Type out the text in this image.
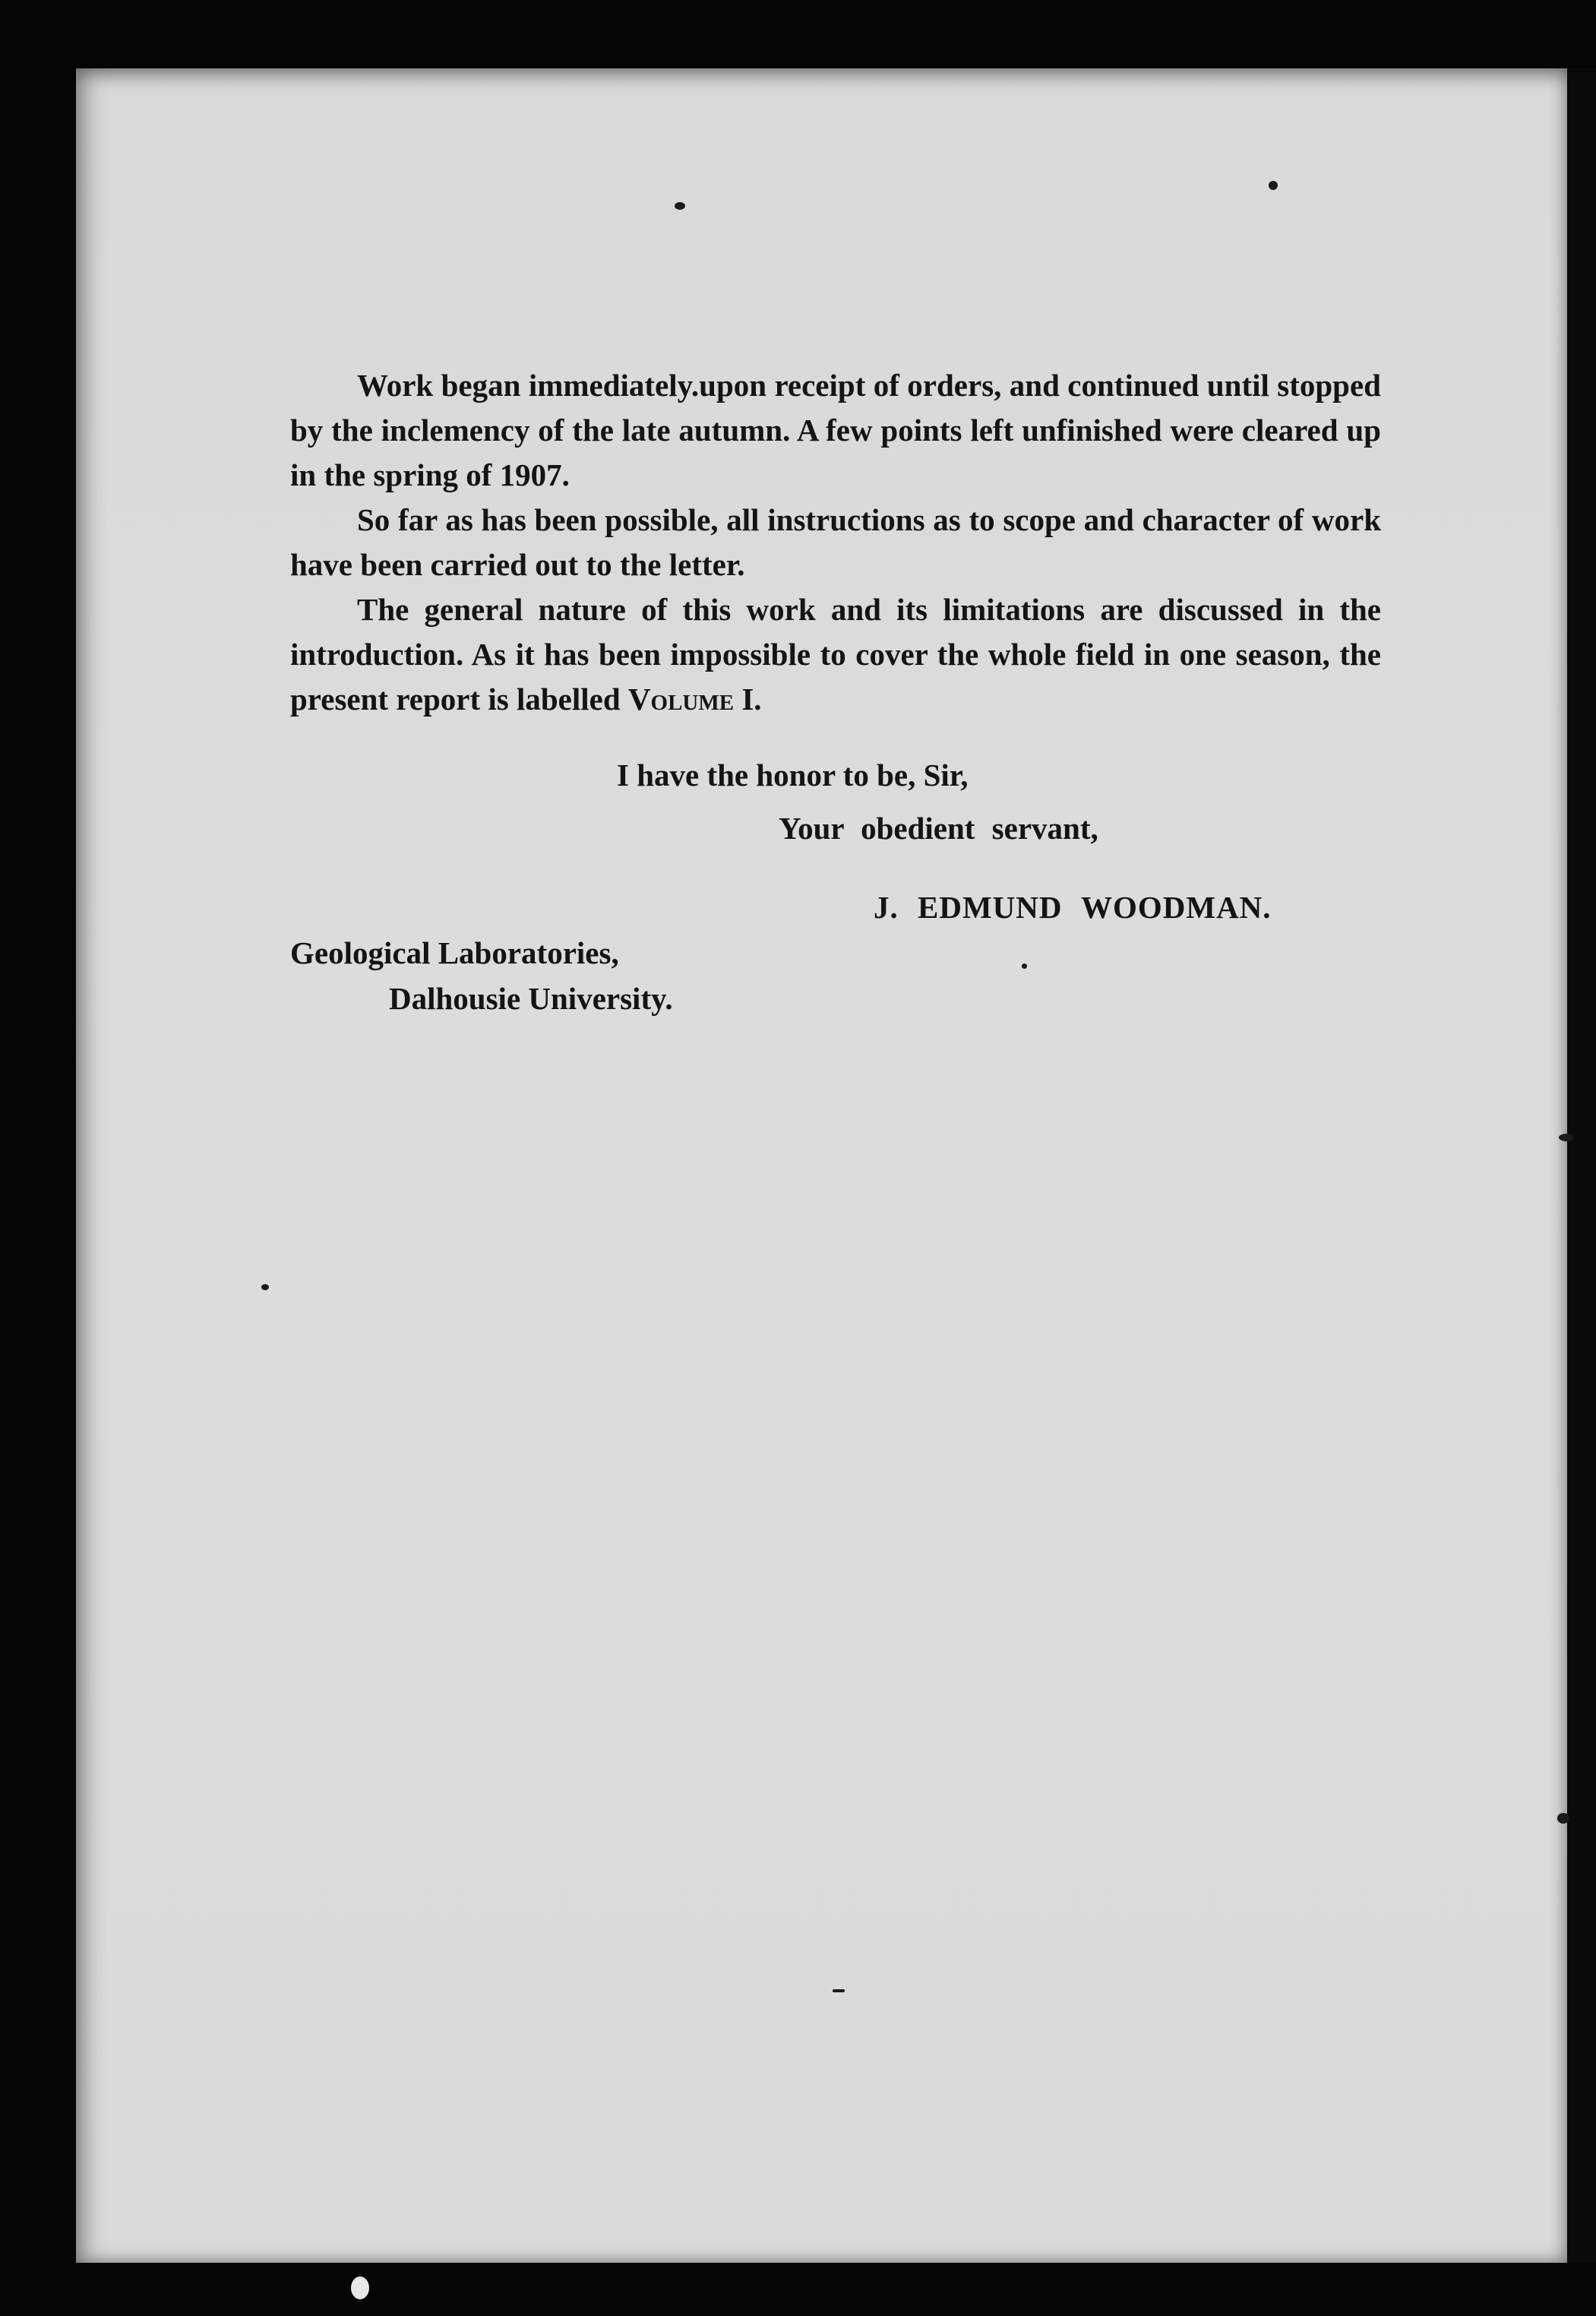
Work began immediately.upon receipt of orders, and continued until stopped by the inclemency of the late autumn. A few points left unfinished were cleared up in the spring of 1907.

So far as has been possible, all instructions as to scope and character of work have been carried out to the letter.

The general nature of this work and its limitations are discussed in the introduction. As it has been impossible to cover the whole field in one season, the present report is labelled Volume I.

I have the honor to be, Sir,
Your obedient servant,
J. EDMUND WOODMAN.
Geological Laboratories,
Dalhousie University.
